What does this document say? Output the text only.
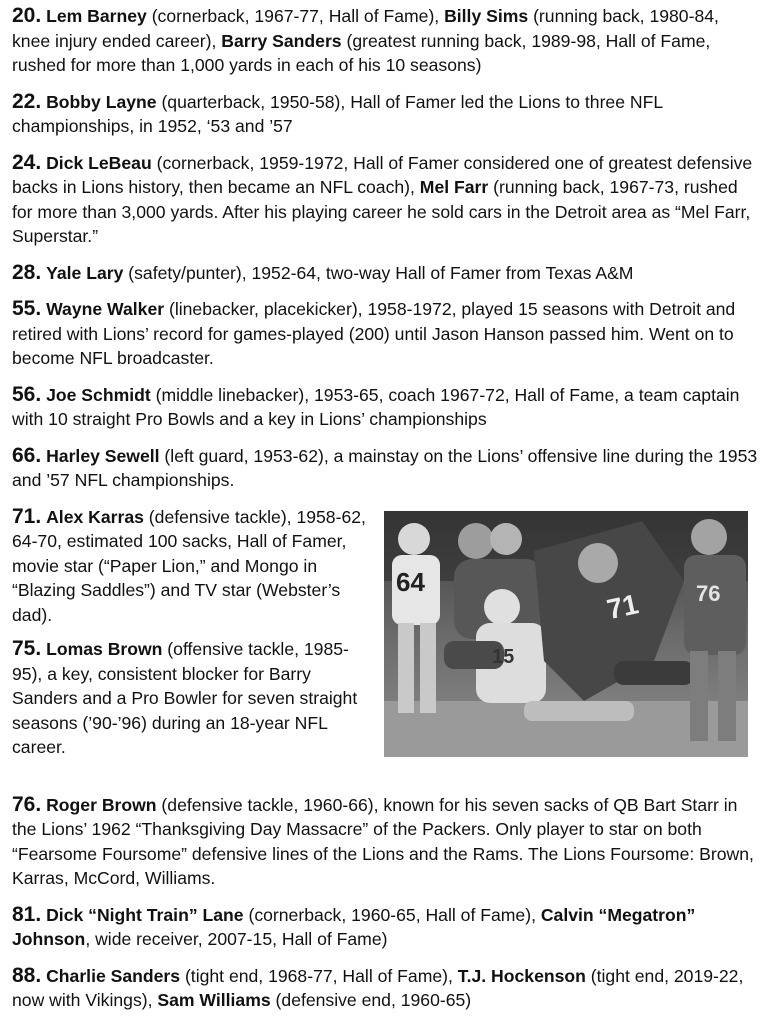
20. Lem Barney (cornerback, 1967-77, Hall of Fame), Billy Sims (running back, 1980-84, knee injury ended career), Barry Sanders (greatest running back, 1989-98, Hall of Fame, rushed for more than 1,000 yards in each of his 10 seasons)

22. Bobby Layne (quarterback, 1950-58), Hall of Famer led the Lions to three NFL championships, in 1952, ‘53 and ’57

24. Dick LeBeau (cornerback, 1959-1972, Hall of Famer considered one of greatest defensive backs in Lions history, then became an NFL coach), Mel Farr (running back, 1967-73, rushed for more than 3,000 yards. After his playing career he sold cars in the Detroit area as “Mel Farr, Superstar.”

28. Yale Lary (safety/punter), 1952-64, two-way Hall of Famer from Texas A&M

55. Wayne Walker (linebacker, placekicker), 1958-1972, played 15 seasons with Detroit and retired with Lions’ record for games-played (200) until Jason Hanson passed him. Went on to become NFL broadcaster.

56. Joe Schmidt (middle linebacker), 1953-65, coach 1967-72, Hall of Fame, a team captain with 10 straight Pro Bowls and a key in Lions’ championships

66. Harley Sewell (left guard, 1953-62), a mainstay on the Lions’ offensive line during the 1953 and ’57 NFL championships.

71. Alex Karras (defensive tackle), 1958-62, 64-70, estimated 100 sacks, Hall of Famer, movie star (“Paper Lion,” and Mongo in “Blazing Saddles”) and TV star (Webster’s dad).

75. Lomas Brown (offensive tackle, 1985-95), a key, consistent blocker for Barry Sanders and a Pro Bowler for seven straight seasons (’90-’96) during an 18-year NFL career.

64
71
15
76

76. Roger Brown (defensive tackle, 1960-66), known for his seven sacks of QB Bart Starr in the Lions’ 1962 “Thanksgiving Day Massacre” of the Packers. Only player to star on both “Fearsome Foursome” defensive lines of the Lions and the Rams. The Lions Foursome: Brown, Karras, McCord, Williams.

81. Dick “Night Train” Lane (cornerback, 1960-65, Hall of Fame), Calvin “Megatron” Johnson, wide receiver, 2007-15, Hall of Fame)

88. Charlie Sanders (tight end, 1968-77, Hall of Fame), T.J. Hockenson (tight end, 2019-22, now with Vikings), Sam Williams (defensive end, 1960-65)
